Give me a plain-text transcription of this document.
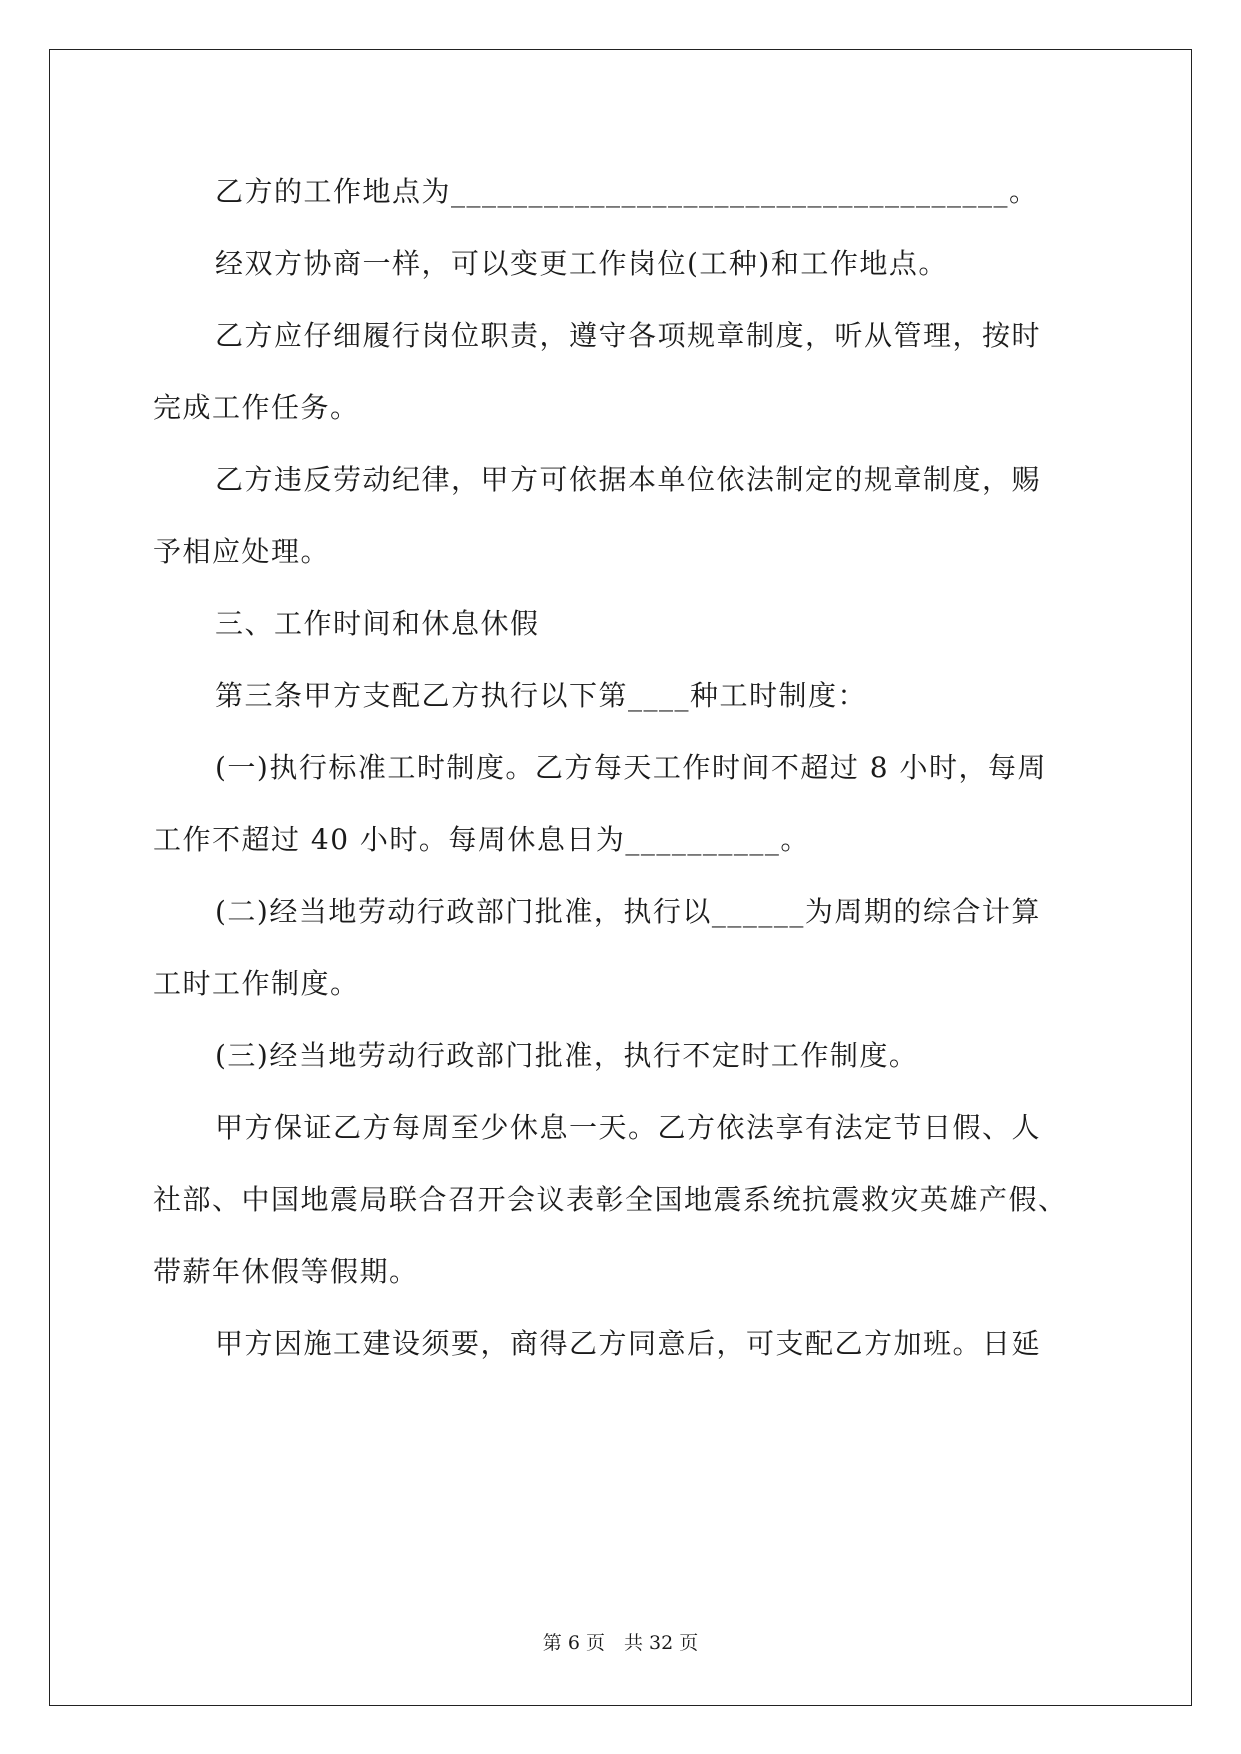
乙方的工作地点为____________________________________。
经双方协商一样，可以变更工作岗位(工种)和工作地点。
乙方应仔细履行岗位职责，遵守各项规章制度，听从管理，按时
完成工作任务。
乙方违反劳动纪律，甲方可依据本单位依法制定的规章制度，赐
予相应处理。
三、工作时间和休息休假
第三条甲方支配乙方执行以下第____种工时制度：
(一)执行标准工时制度。乙方每天工作时间不超过 8 小时，每周
工作不超过 40 小时。每周休息日为__________。
(二)经当地劳动行政部门批准，执行以______为周期的综合计算
工时工作制度。
(三)经当地劳动行政部门批准，执行不定时工作制度。
甲方保证乙方每周至少休息一天。乙方依法享有法定节日假、人
社部、中国地震局联合召开会议表彰全国地震系统抗震救灾英雄产假、
带薪年休假等假期。
甲方因施工建设须要，商得乙方同意后，可支配乙方加班。日延
第 6 页　共 32 页
